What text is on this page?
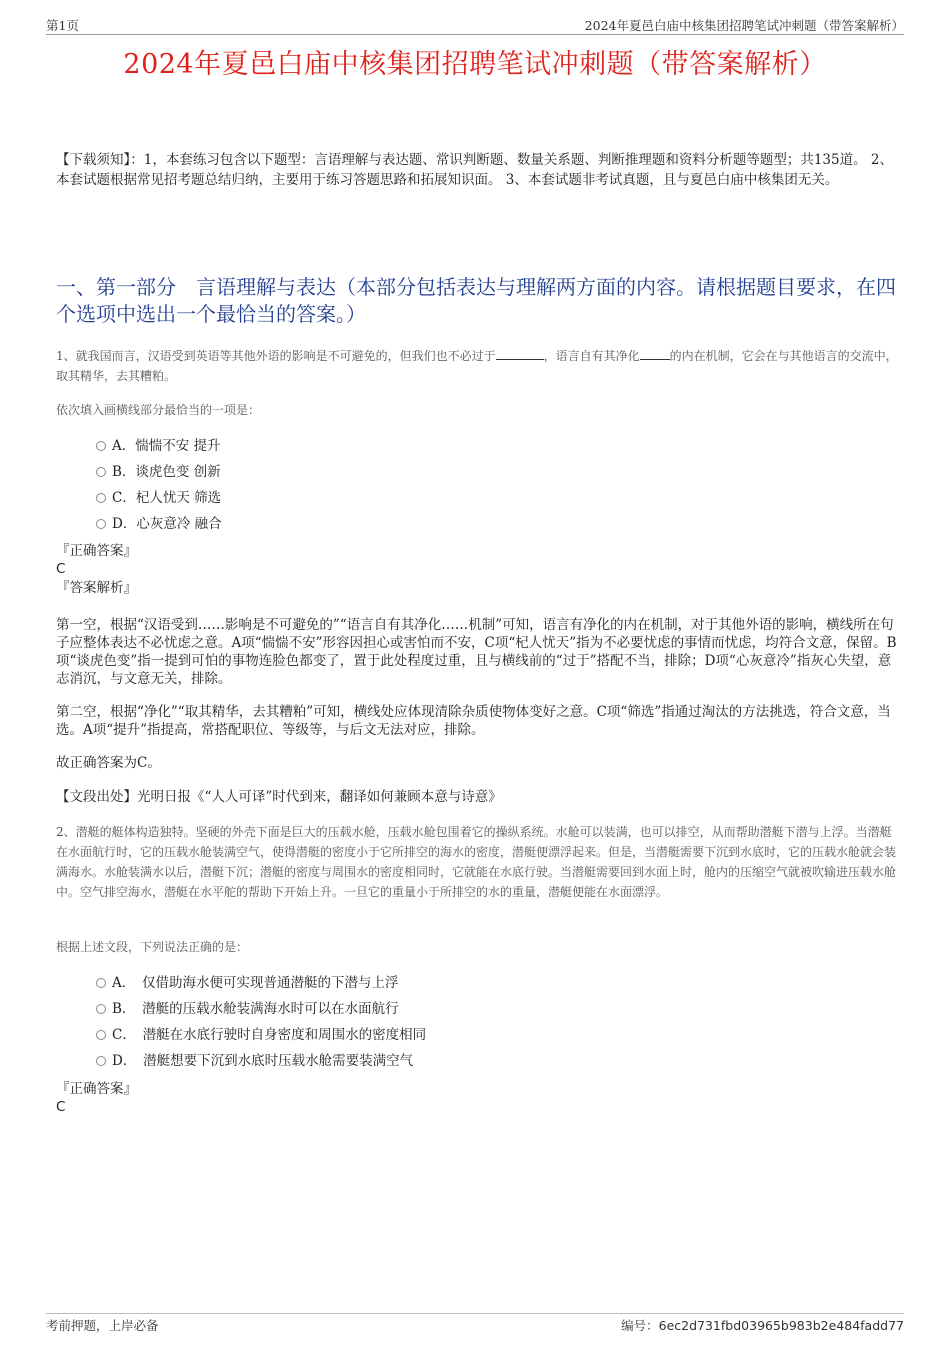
第1页	2024年夏邑白庙中核集团招聘笔试冲刺题（带答案解析）
2024年夏邑白庙中核集团招聘笔试冲刺题（带答案解析）
【下载须知】：1，本套练习包含以下题型：言语理解与表达题、常识判断题、数量关系题、判断推理题和资料分析题等题型；共135道。 2、本套试题根据常见招考题总结归纳，主要用于练习答题思路和拓展知识面。 3、本套试题非考试真题，且与夏邑白庙中核集团无关。
一、第一部分　言语理解与表达（本部分包括表达与理解两方面的内容。请根据题目要求，在四个选项中选出一个最恰当的答案。）

1、就我国而言，汉语受到英语等其他外语的影响是不可避免的，但我们也不必过于	，语言自有其净化	的内在机制，它会在与其他语言的交流中，取其精华，去其糟粕。

依次填入画横线部分最恰当的一项是：
A．惴惴不安 提升
B．谈虎色变 创新
C．杞人忧天 筛选
D．心灰意冷 融合
『正确答案』
C
『答案解析』

第一空，根据“汉语受到……影响是不可避免的”“语言自有其净化……机制”可知，语言有净化的内在机制，对于其他外语的影响，横线所在句子应整体表达不必忧虑之意。A项“惴惴不安”形容因担心或害怕而不安，C项“杞人忧天”指为不必要忧虑的事情而忧虑，均符合文意，保留。B项“谈虎色变”指一提到可怕的事物连脸色都变了，置于此处程度过重，且与横线前的“过于”搭配不当，排除；D项“心灰意冷”指灰心失望，意志消沉，与文意无关，排除。

第二空，根据“净化”“取其精华，去其糟粕”可知，横线处应体现清除杂质使物体变好之意。C项“筛选”指通过淘汰的方法挑选，符合文意，当选。A项“提升”指提高，常搭配职位、等级等，与后文无法对应，排除。

故正确答案为C。

【文段出处】光明日报《“人人可译”时代到来，翻译如何兼顾本意与诗意》

2、潜艇的艇体构造独特。坚硬的外壳下面是巨大的压载水舱，压载水舱包围着它的操纵系统。水舱可以装满，也可以排空，从而帮助潜艇下潜与上浮。当潜艇在水面航行时，它的压载水舱装满空气，使得潜艇的密度小于它所排空的海水的密度，潜艇便漂浮起来。但是，当潜艇需要下沉到水底时，它的压载水舱就会装满海水。水舱装满水以后，潜艇下沉；潜艇的密度与周围水的密度相同时，它就能在水底行驶。当潜艇需要回到水面上时，舱内的压缩空气就被吹输进压载水舱中。空气排空海水，潜艇在水平舵的帮助下开始上升。一旦它的重量小于所排空的水的重量，潜艇便能在水面漂浮。
根据上述文段，下列说法正确的是：
A．　仅借助海水便可实现普通潜艇的下潜与上浮
B．　潜艇的压载水舱装满海水时可以在水面航行
C．　潜艇在水底行驶时自身密度和周围水的密度相同
D．　潜艇想要下沉到水底时压载水舱需要装满空气
『正确答案』
C
考前押题，上岸必备	编号：6ec2d731fbd03965b983b2e484fadd77
